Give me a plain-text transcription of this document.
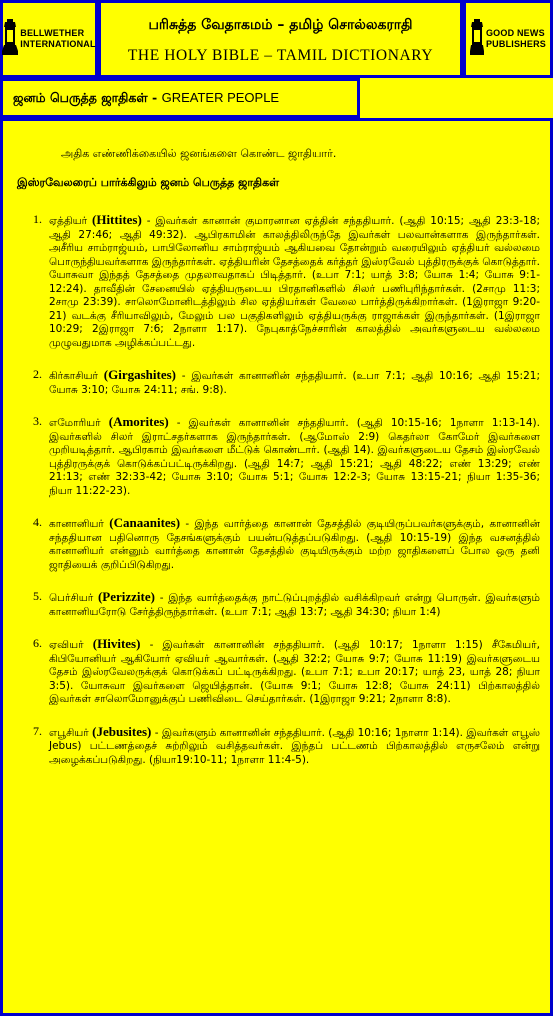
BELLWETHER
INTERNATIONAL
பரிசுத்த வேதாகமம் – தமிழ் சொல்லகராதி
THE HOLY BIBLE – TAMIL DICTIONARY
GOOD NEWS
PUBLISHERS
ஜனம் பெருத்த ஜாதிகள் - GREATER PEOPLE
அதிக எண்ணிக்கையில் ஜனங்களை கொண்ட ஜாதியார்.
இஸ்ரவேலரைப் பார்க்கிலும் ஜனம் பெருத்த ஜாதிகள்
1. ஏத்தியர் (Hittites) - இவர்கள் கானான் குமாரனான ஏத்தின் சந்ததியார். (ஆதி 10:15; ஆதி 23:3-18; ஆதி 27:46; ஆதி 49:32). ஆபிரகாமின் காலத்திலிருந்தே இவர்கள் பலவான்களாக இருந்தார்கள். அசீரிய சாம்ராஜ்யம், பாபிலோனிய சாம்ராஜ்யம் ஆகியவை தோன்றும் வரையிலும் ஏத்தியர் வல்லமை பொருந்தியவர்களாக இருந்தார்கள். ஏத்தியரின் தேசத்தைக் கர்த்தர் இஸ்ரவேல் புத்திரருக்குக் கொடுத்தார். யோசுவா இந்தத் தேசத்தை முதலாவதாகப் பிடித்தார். (உபா 7:1; யாத் 3:8; யோசு 1:4; யோசு 9:1-12:24). தாவீதின் சேனையில் ஏத்தியருடைய பிரதானிகளில் சிலர் பணிபுரிந்தார்கள். (2சாமு 11:3; 2சாமு 23:39). சாலொமோனிடத்திலும் சில ஏத்தியர்கள் வேலை பார்த்திருக்கிறார்கள். (1இராஜா 9:20-21) வடக்கு சீரியாவிலும், மேலும் பல பகுதிகளிலும் ஏத்தியருக்கு ராஜாக்கள் இருந்தார்கள். (1இராஜா 10:29; 2இராஜா 7:6; 2நாளா 1:17). நேபுகாத்நேச்சாரின் காலத்தில் அவர்களுடைய வல்லமை முழுவதுமாக அழிக்கப்பட்டது.
2. கிர்காசியர் (Girgashites) - இவர்கள் கானானின் சந்ததியார். (உபா 7:1; ஆதி 10:16; ஆதி 15:21; யோசு 3:10; யோசு 24:11; சங். 9:8).
3. எமோரியர் (Amorites) - இவர்கள் கானானின் சந்ததியார். (ஆதி 10:15-16; 1நாளா 1:13-14). இவர்களில் சிலர் இராட்சதர்களாக இருந்தார்கள். (ஆமோஸ் 2:9) கெதர்லா கோமேர் இவர்களை முறியடித்தார். ஆபிரகாம் இவர்களை மீட்டுக் கொண்டார். (ஆதி 14). இவர்களுடைய தேசம் இஸ்ரவேல் புத்திரருக்குக் கொடுக்கப்பட்டிருக்கிறது. (ஆதி 14:7; ஆதி 15:21; ஆதி 48:22; எண் 13:29; எண் 21:13; எண் 32:33-42; யோசு 3:10; யோசு 5:1; யோசு 12:2-3; யோசு 13:15-21; நியா 1:35-36; நியா 11:22-23).
4. கானானியர் (Canaanites) - இந்த வார்த்தை கானான் தேசத்தில் குடியிருப்பவர்களுக்கும், கானானின் சந்ததியான பதினொரு தேசங்களுக்கும் பயன்படுத்தப்படுகிறது. (ஆதி 10:15-19) இந்த வசனத்தில் கானானியர் என்னும் வார்த்தை கானான் தேசத்தில் குடியிருக்கும் மற்ற ஜாதிகளைப் போல ஒரு தனி ஜாதியைக் குறிப்பிடுகிறது.
5. பெர்சியர் (Perizzite) - இந்த வார்த்தைக்கு நாட்டுப்புறத்தில் வசிக்கிறவர் என்று பொருள். இவர்களும் கானானியரோடு சேர்த்திருந்தார்கள். (உபா 7:1; ஆதி 13:7; ஆதி 34:30; நியா 1:4)
6. ஏவியர் (Hivites) - இவர்கள் கானானின் சந்ததியார். (ஆதி 10:17; 1நாளா 1:15) சீகேமியர், கிபியோனியர் ஆகியோர் ஏவியர் ஆவார்கள். (ஆதி 32:2; யோசு 9:7; யோசு 11:19) இவர்களுடைய தேசம் இஸ்ரவேலருக்குக் கொடுக்கப் பட்டிருக்கிறது. (உபா 7:1; உபா 20:17; யாத் 23, யாத் 28; நியா 3:5). யோசுவா இவர்களை ஜெயித்தான். (யோசு 9:1; யோசு 12:8; யோசு 24:11) பிற்காலத்தில் இவர்கள் சாலொமோனுக்குப் பணிவிடை செய்தார்கள். (1இராஜா 9:21; 2நாளா 8:8).
7. எபூசியர் (Jebusites) - இவர்களும் கானானின் சந்ததியார். (ஆதி 10:16; 1நாளா 1:14). இவர்கள் எபூஸ் Jebus) பட்டணத்தைச் சுற்றிலும் வசித்தவர்கள். இந்தப் பட்டணம் பிற்காலத்தில் எருசலேம் என்று அழைக்கப்படுகிறது. (நியா19:10-11; 1நாளா 11:4-5).
